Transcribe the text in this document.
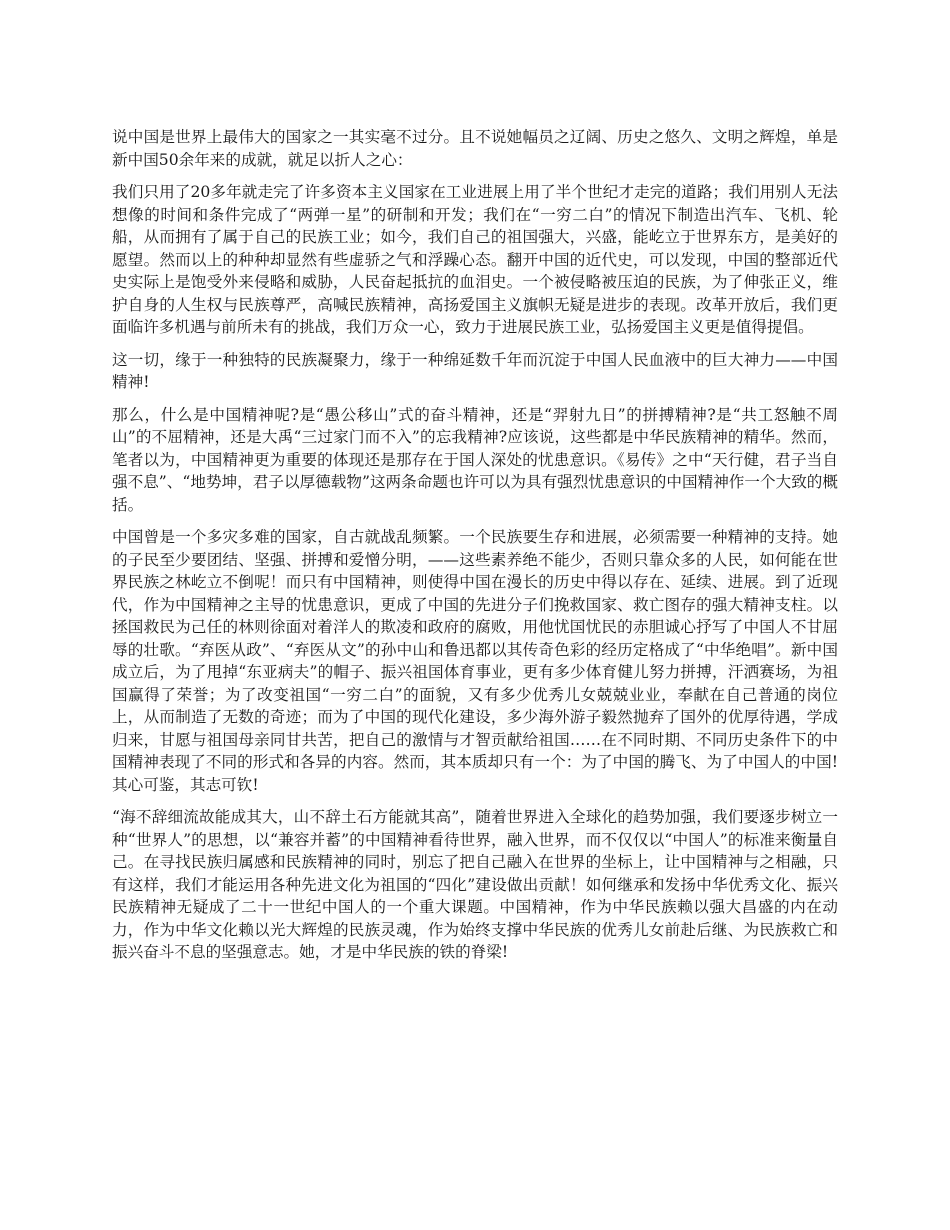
说中国是世界上最伟大的国家之一其实毫不过分。且不说她幅员之辽阔、历史之悠久、文明之辉煌，单是新中国50余年来的成就，就足以折人之心：

我们只用了20多年就走完了许多资本主义国家在工业进展上用了半个世纪才走完的道路；我们用别人无法想像的时间和条件完成了“两弹一星”的研制和开发；我们在“一穷二白”的情况下制造出汽车、飞机、轮 船，从而拥有了属于自己的民族工业；如今，我们自己的祖国强大，兴盛，能屹立于世界东方，是美好的愿望。然而以上的种种却显然有些虚骄之气和浮躁心态。翻开中国的近代史，可以发现，中国的整部近代史实际上是饱受外来侵略和威胁，人民奋起抵抗的血泪史。一个被侵略被压迫的民族，为了伸张正义，维护自身的人生权与民族尊严，高喊民族精神，高扬爱国主义旗帜无疑是进步的表现。改革开放后，我们更面临许多机遇与前所未有的挑战，我们万众一心，致力于进展民族工业，弘扬爱国主义更是值得提倡。

这一切，缘于一种独特的民族凝聚力，缘于一种绵延数千年而沉淀于中国人民血液中的巨大神力——中国精神!

那么，什么是中国精神呢?是“愚公移山”式的奋斗精神，还是“羿射九日”的拼搏精神?是“共工怒触不周山”的不屈精神，还是大禹“三过家门而不入”的忘我精神?应该说，这些都是中华民族精神的精华。然而，笔者以为，中国精神更为重要的体现还是那存在于国人深处的忧患意识。《易传》之中“天行健，君子当自强不息”、“地势坤，君子以厚德载物”这两条命题也许可以为具有强烈忧患意识的中国精神作一个大致的概括。

中国曾是一个多灾多难的国家，自古就战乱频繁。一个民族要生存和进展，必须需要一种精神的支持。她的子民至少要团结、坚强、拼搏和爱憎分明，——这些素养绝不能少，否则只靠众多的人民，如何能在世界民族之林屹立不倒呢！而只有中国精神，则使得中国在漫长的历史中得以存在、延续、进展。到了近现代，作为中国精神之主导的忧患意识，更成了中国的先进分子们挽救国家、救亡图存的强大精神支柱。以拯国救民为己任的林则徐面对着洋人的欺凌和政府的腐败，用他忧国忧民的赤胆诚心抒写了中国人不甘屈辱的壮歌。“弃医从政”、“弃医从文”的孙中山和鲁迅都以其传奇色彩的经历定格成了“中华绝唱”。新中国成立后，为了甩掉“东亚病夫”的帽子、振兴祖国体育事业，更有多少体育健儿努力拼搏，汗洒赛场，为祖国赢得了荣誉；为了改变祖国“一穷二白”的面貌，又有多少优秀儿女兢兢业业，奉献在自己普通的岗位上，从而制造了无数的奇迹；而为了中国的现代化建设，多少海外游子毅然抛弃了国外的优厚待遇，学成归来，甘愿与祖国母亲同甘共苦，把自己的激情与才智贡献给祖国……在不同时期、不同历史条件下的中国精神表现了不同的形式和各异的内容。然而，其本质却只有一个：为了中国的腾飞、为了中国人的中国!其心可鉴，其志可钦!

“海不辞细流故能成其大，山不辞土石方能就其高”，随着世界进入全球化的趋势加强，我们要逐步树立一种“世界人”的思想，以“兼容并蓄”的中国精神看待世界，融入世界，而不仅仅以“中国人”的标准来衡量自己。在寻找民族归属感和民族精神的同时，别忘了把自己融入在世界的坐标上，让中国精神与之相融，只有这样，我们才能运用各种先进文化为祖国的“四化”建设做出贡献！如何继承和发扬中华优秀文化、振兴民族精神无疑成了二十一世纪中国人的一个重大课题。中国精神，作为中华民族赖以强大昌盛的内在动力，作为中华文化赖以光大辉煌的民族灵魂，作为始终支撑中华民族的优秀儿女前赴后继、为民族救亡和振兴奋斗不息的坚强意志。她，才是中华民族的铁的脊梁!
